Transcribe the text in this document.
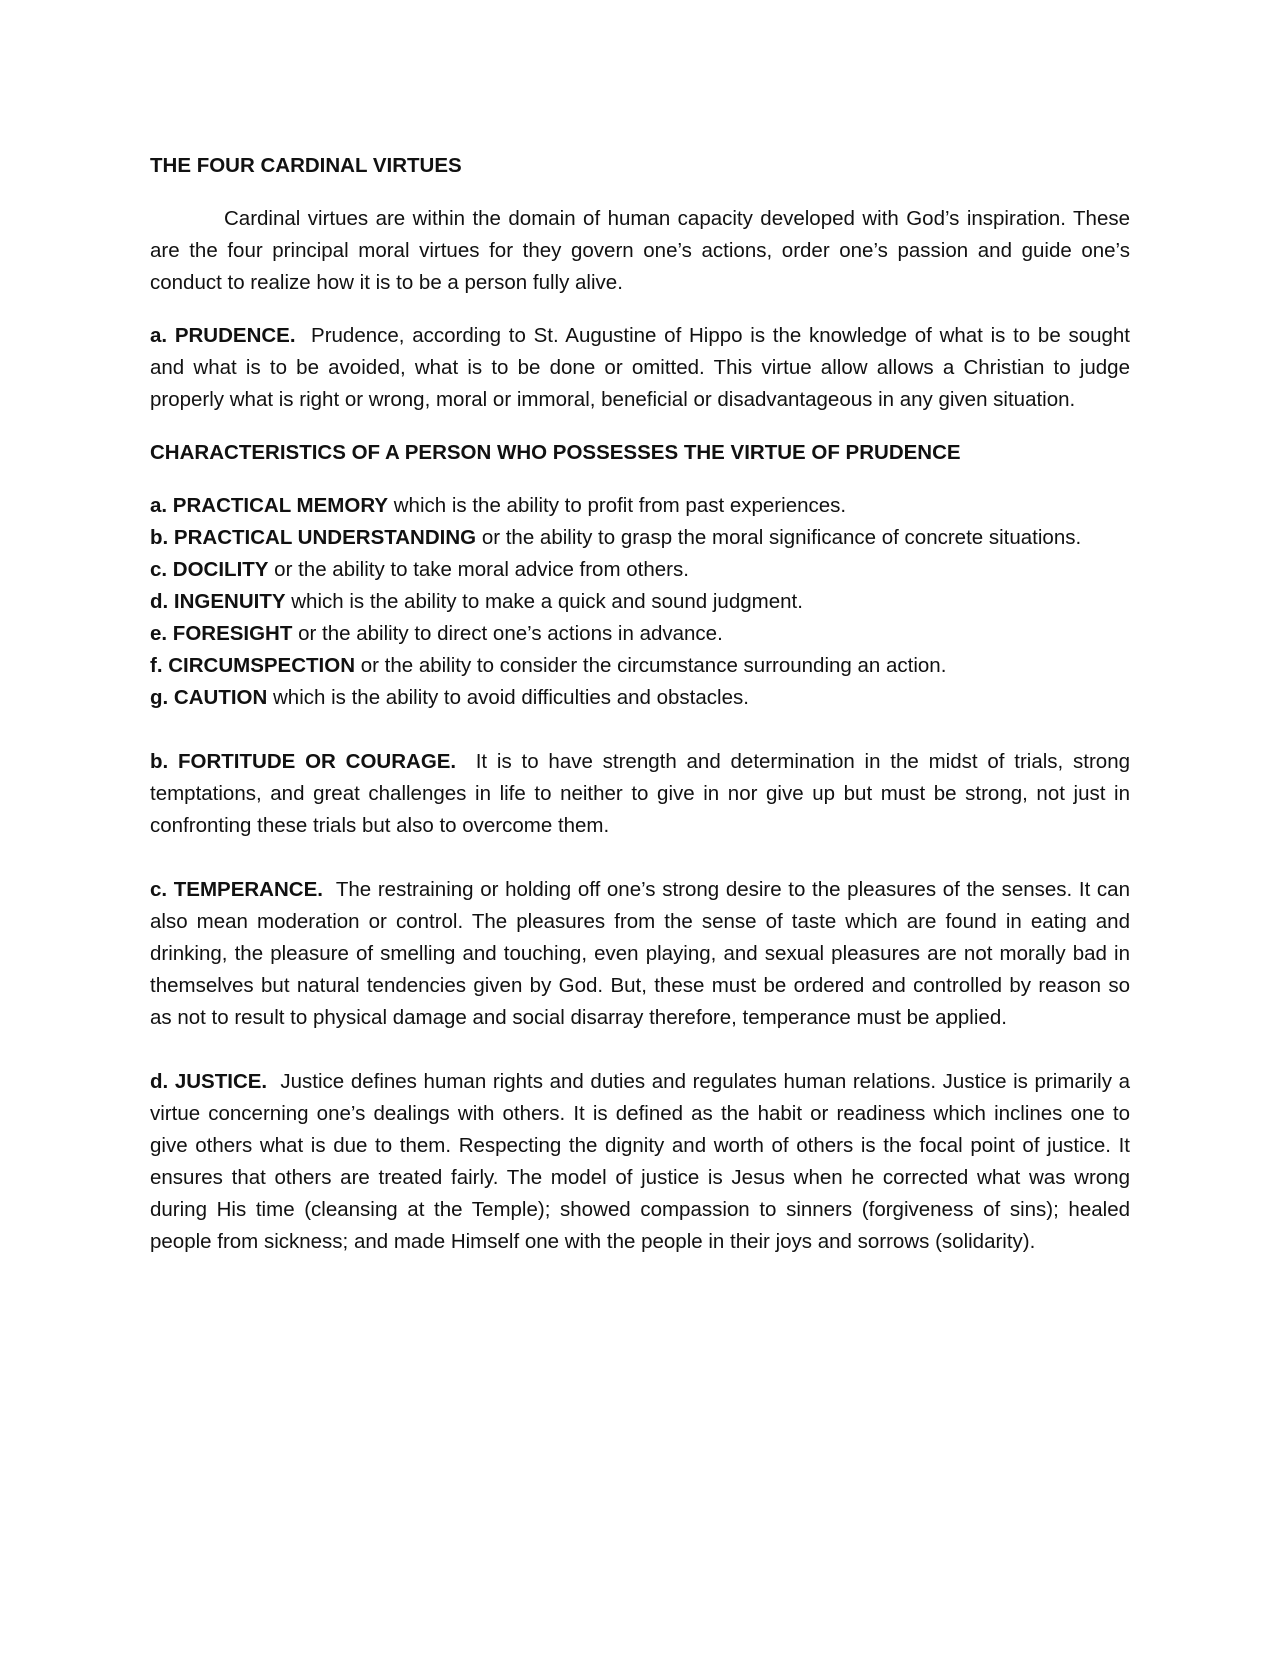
THE FOUR CARDINAL VIRTUES

Cardinal virtues are within the domain of human capacity developed with God’s inspiration. These are the four principal moral virtues for they govern one’s actions, order one’s passion and guide one’s conduct to realize how it is to be a person fully alive.

a. PRUDENCE. Prudence, according to St. Augustine of Hippo is the knowledge of what is to be sought and what is to be avoided, what is to be done or omitted. This virtue allow allows a Christian to judge properly what is right or wrong, moral or immoral, beneficial or disadvantageous in any given situation.

CHARACTERISTICS OF A PERSON WHO POSSESSES THE VIRTUE OF PRUDENCE
a. PRACTICAL MEMORY which is the ability to profit from past experiences.
b. PRACTICAL UNDERSTANDING or the ability to grasp the moral significance of concrete situations.
c. DOCILITY or the ability to take moral advice from others.
d. INGENUITY which is the ability to make a quick and sound judgment.
e. FORESIGHT or the ability to direct one’s actions in advance.
f. CIRCUMSPECTION or the ability to consider the circumstance surrounding an action.
g. CAUTION which is the ability to avoid difficulties and obstacles.

b. FORTITUDE OR COURAGE. It is to have strength and determination in the midst of trials, strong temptations, and great challenges in life to neither to give in nor give up but must be strong, not just in confronting these trials but also to overcome them.

c. TEMPERANCE. The restraining or holding off one’s strong desire to the pleasures of the senses. It can also mean moderation or control. The pleasures from the sense of taste which are found in eating and drinking, the pleasure of smelling and touching, even playing, and sexual pleasures are not morally bad in themselves but natural tendencies given by God. But, these must be ordered and controlled by reason so as not to result to physical damage and social disarray therefore, temperance must be applied.

d. JUSTICE. Justice defines human rights and duties and regulates human relations. Justice is primarily a virtue concerning one’s dealings with others. It is defined as the habit or readiness which inclines one to give others what is due to them. Respecting the dignity and worth of others is the focal point of justice. It ensures that others are treated fairly. The model of justice is Jesus when he corrected what was wrong during His time (cleansing at the Temple); showed compassion to sinners (forgiveness of sins); healed people from sickness; and made Himself one with the people in their joys and sorrows (solidarity).
